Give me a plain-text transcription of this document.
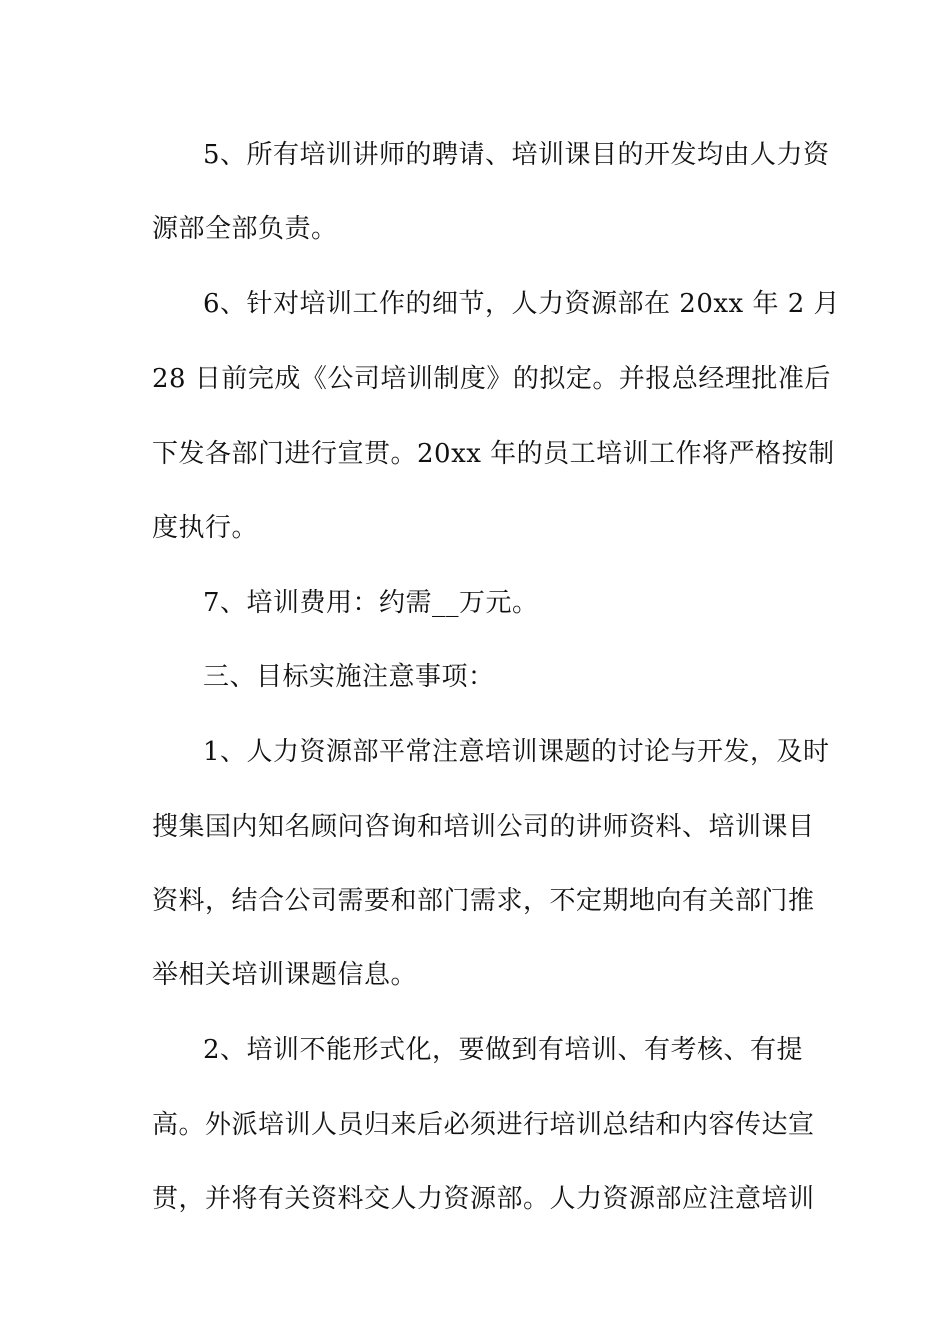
5、所有培训讲师的聘请、培训课目的开发均由人力资
源部全部负责。
6、针对培训工作的细节，人力资源部在 20xx 年 2 月
28 日前完成《公司培训制度》的拟定。并报总经理批准后
下发各部门进行宣贯。20xx 年的员工培训工作将严格按制
度执行。
7、培训费用：约需__万元。
三、目标实施注意事项：
1、人力资源部平常注意培训课题的讨论与开发，及时
搜集国内知名顾问咨询和培训公司的讲师资料、培训课目
资料，结合公司需要和部门需求，不定期地向有关部门推
举相关培训课题信息。
2、培训不能形式化，要做到有培训、有考核、有提
高。外派培训人员归来后必须进行培训总结和内容传达宣
贯，并将有关资料交人力资源部。人力资源部应注意培训
